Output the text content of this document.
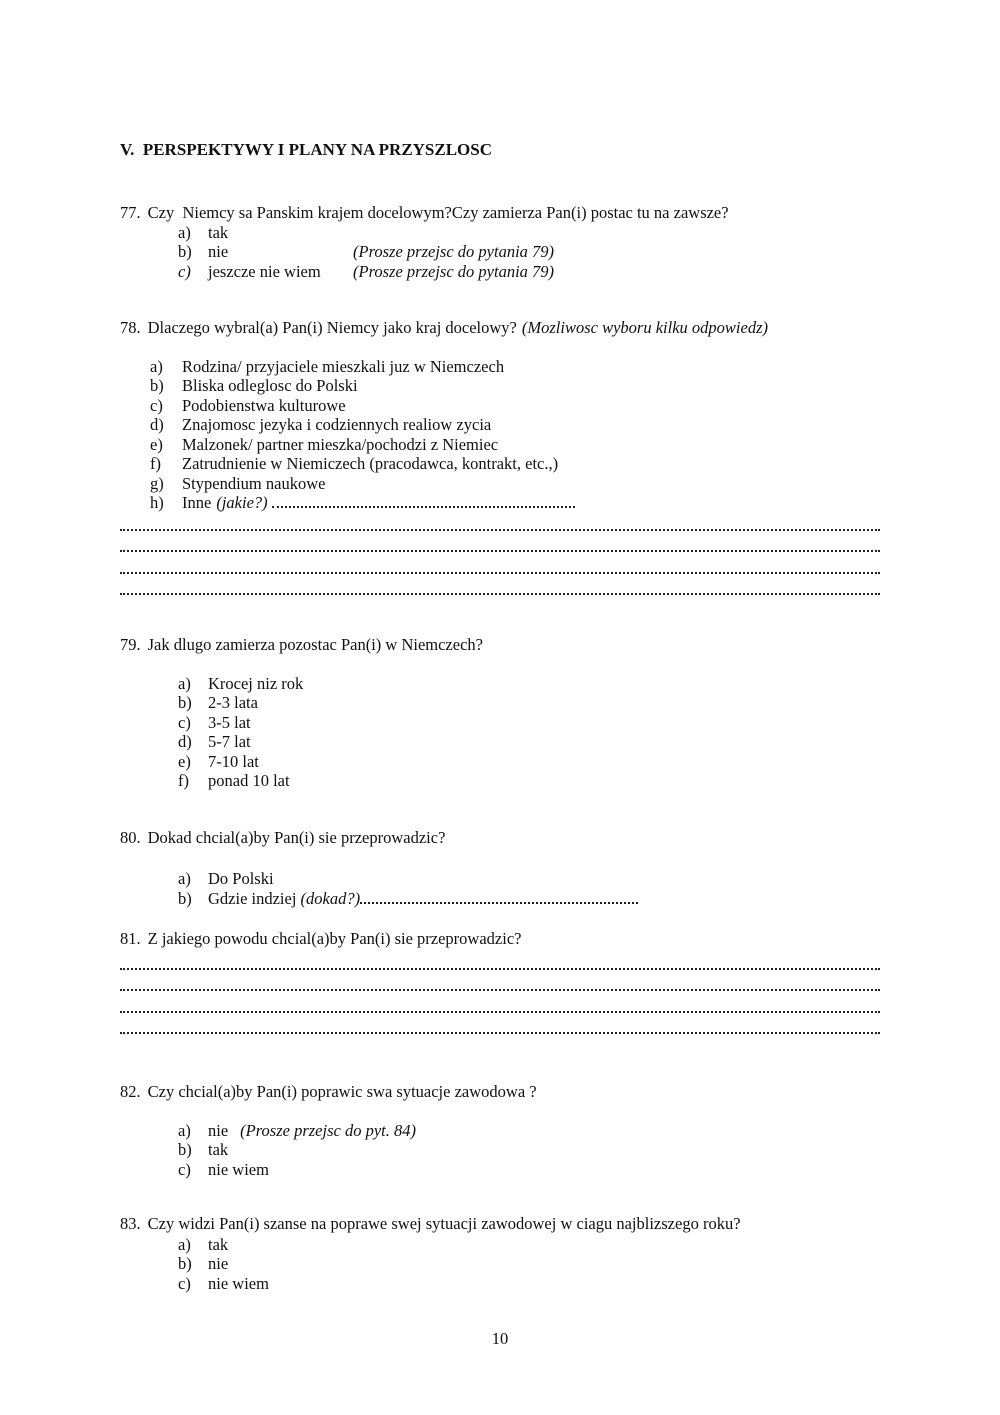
V.  PERSPEKTYWY I PLANY NA PRZYSZLOSC
77. Czy  Niemcy sa Panskim krajem docelowym?Czy zamierza Pan(i) postac tu na zawsze?
a) tak
b) nie	(Prosze przejsc do pytania 79)
c) jeszcze nie wiem (Prosze przejsc do pytania 79)
78. Dlaczego wybral(a) Pan(i) Niemcy jako kraj docelowy? (Mozliwosc wyboru kilku odpowiedz)
a) Rodzina/ przyjaciele mieszkali juz w Niemczech
b) Bliska odleglosc do Polski
c) Podobienstwa kulturowe
d) Znajomosc jezyka i codziennych realiow zycia
e) Malzonek/ partner mieszka/pochodzi z Niemiec
f) Zatrudnienie w Niemiczech (pracodawca, kontrakt, etc.,)
g) Stypendium naukowe
h) Inne (jakie?)
79. Jak dlugo zamierza pozostac Pan(i) w Niemczech?
a) Krocej niz rok
b) 2-3 lata
c) 3-5 lat
d) 5-7 lat
e) 7-10 lat
f) ponad 10 lat
80. Dokad chcial(a)by Pan(i) sie przeprowadzic?
a) Do Polski
b) Gdzie indziej (dokad?)
81. Z jakiego powodu chcial(a)by Pan(i) sie przeprowadzic?
82. Czy chcial(a)by Pan(i) poprawic swa sytuacje zawodowa ?
a) nie (Prosze przejsc do pyt. 84)
b) tak
c) nie wiem
83. Czy widzi Pan(i) szanse na poprawe swej sytuacji zawodowej w ciagu najblizszego roku?
a) tak
b) nie
c) nie wiem
10
